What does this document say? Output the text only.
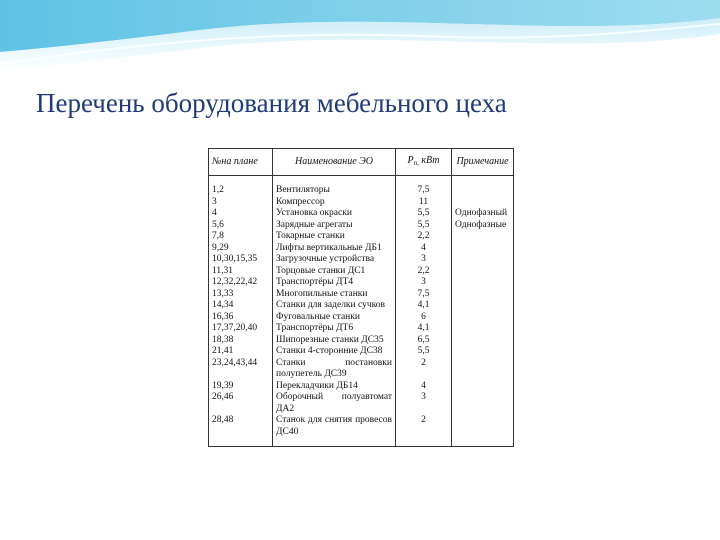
Перечень оборудования мебельного цеха
№на плане	Наименование ЭО	$P_{п,}$ кВт	Примечание
1,2	Вентиляторы	7,5	
3	Компрессор	11	
4	Установка окраски	5,5	Однофазный
5,6	Зарядные агрегаты	5,5	Однофазные
7,8	Токарные станки	2,2	
9,29	Лифты вертикальные ДБ1	4	
10,30,15,35	Загрузочные устройства	3	
11,31	Торцовые станки ДС1	2,2	
12,32,22,42	Транспортёры ДТ4	3	
13,33	Многопильные станки	7,5	
14,34	Станки для заделки сучков	4,1	
16,36	Фуговальные станки	6	
17,37,20,40	Транспортёры ДТ6	4,1	
18,38	Шипорезные станки ДС35	6,5	
21,41	Станки 4-сторонние ДС38	5,5	
23,24,43,44	Станки постановки полупетель ДС39	2	
19,39	Перекладчики ДБ14	4	
26,46	Оборочный полуавтомат ДА2	3	
28,48	Станок для снятия провесов ДС40	2	
